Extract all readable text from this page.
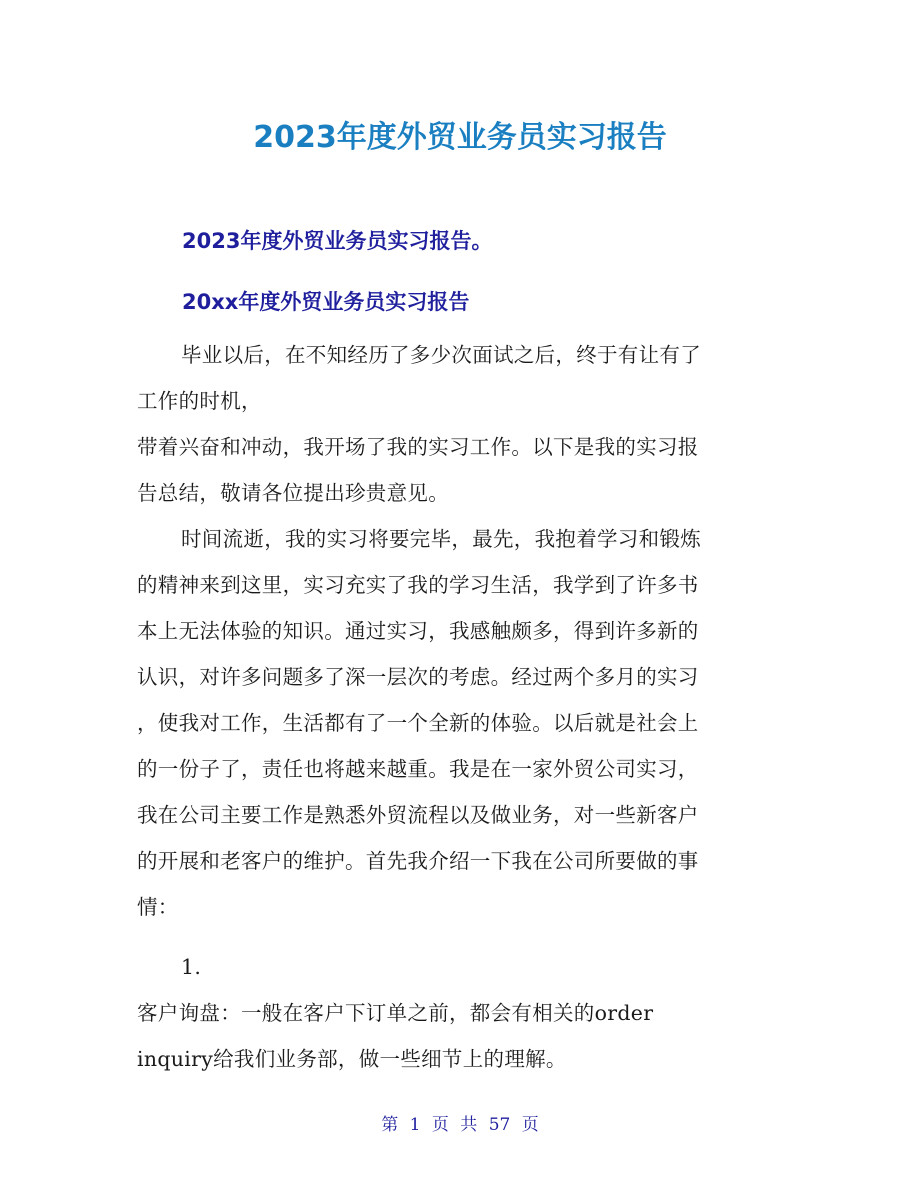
2023年度外贸业务员实习报告
2023年度外贸业务员实习报告。
20xx年度外贸业务员实习报告

毕业以后，在不知经历了多少次面试之后，终于有让有了
工作的时机，

带着兴奋和冲动，我开场了我的实习工作。以下是我的实习报
告总结，敬请各位提出珍贵意见。

时间流逝，我的实习将要完毕，最先，我抱着学习和锻炼
的精神来到这里，实习充实了我的学习生活，我学到了许多书
本上无法体验的知识。通过实习，我感触颇多，得到许多新的
认识，对许多问题多了深一层次的考虑。经过两个多月的实习
，使我对工作，生活都有了一个全新的体验。以后就是社会上
的一份子了，责任也将越来越重。我是在一家外贸公司实习，
我在公司主要工作是熟悉外贸流程以及做业务，对一些新客户
的开展和老客户的维护。首先我介绍一下我在公司所要做的事
情：

1.

客户询盘：一般在客户下订单之前，都会有相关的order
inquiry给我们业务部，做一些细节上的理解。

第 1 页 共 57 页
